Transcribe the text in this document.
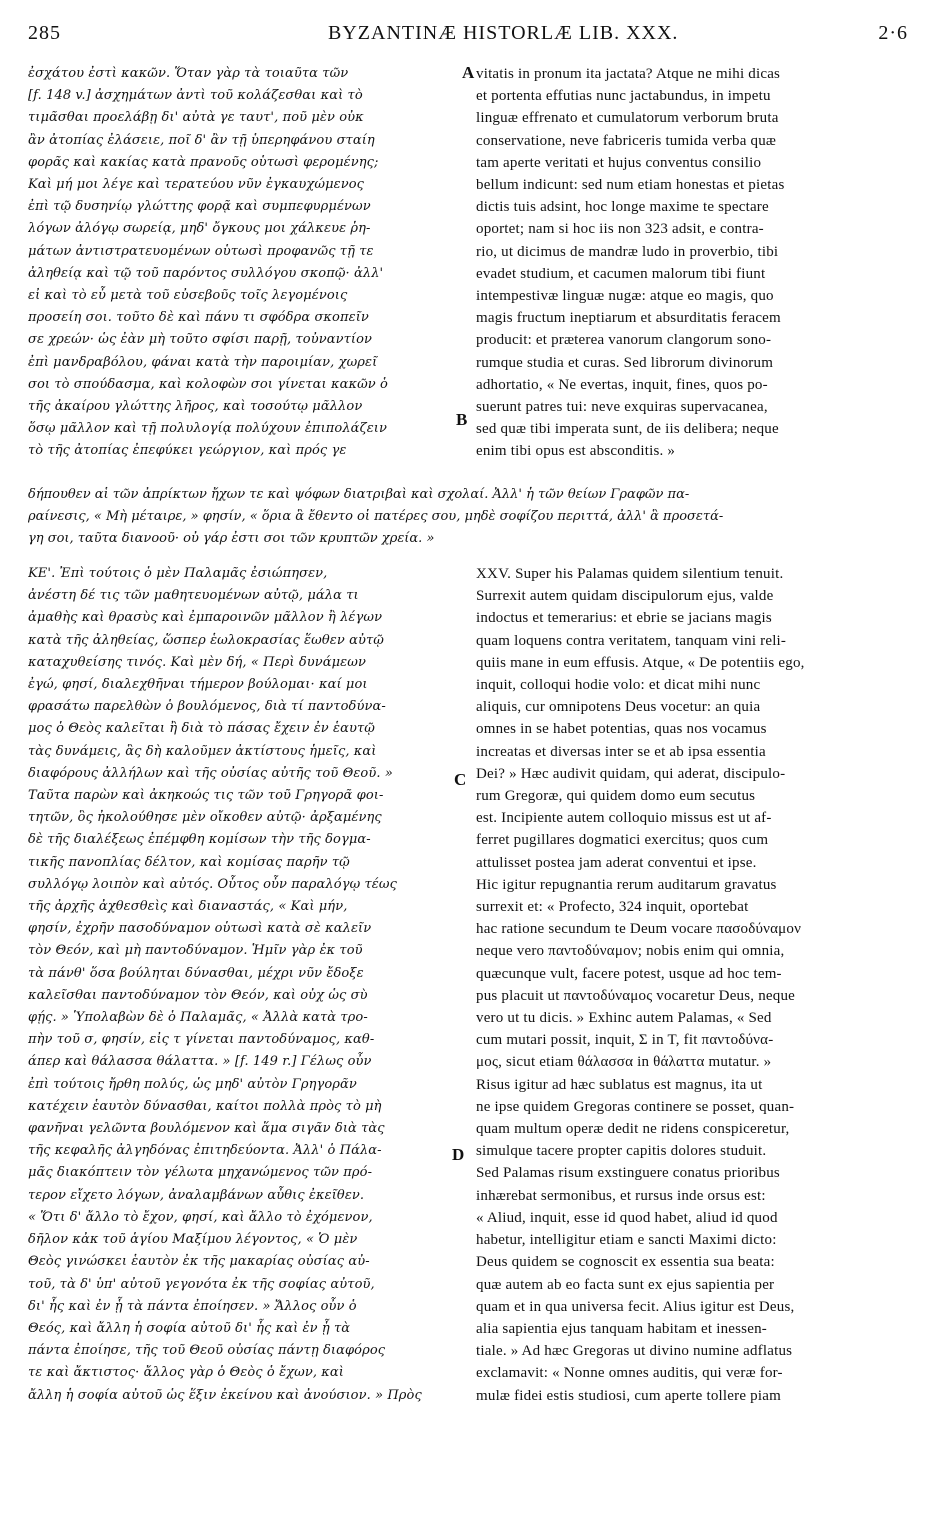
285	BYZANTINÆ HISTORLÆ LIB. XXX.	2·6
ἐσχάτου ἐστὶ κακῶν. Ὅταν γὰρ τὰ τοιαῦτα τῶν
[f. 148 v.] ἀσχημάτων ἀντὶ τοῦ κολάζεσθαι καὶ τὸ
τιμᾶσθαι προελάβῃ δι' αὐτὰ γε ταυτ', ποῦ μὲν οὐκ
ἂν ἀτοπίας ἐλάσειε, ποῖ δ' ἂν τῇ ὑπερηφάνου σταίη
φορᾶς καὶ κακίας κατὰ πρανοῦς οὑτωσὶ φερομένης;
Καὶ μή μοι λέγε καὶ τερατεύου νῦν ἐγκαυχώμενος
ἐπὶ τῷ δυσηνίῳ γλώττης φορᾷ καὶ συμπεφυρμένων
λόγων ἀλόγῳ σωρείᾳ, μηδ' ὄγκους μοι χάλκευε ῥη-
μάτων ἀντιστρατευομένων οὑτωσὶ προφανῶς τῇ τε
ἀληθείᾳ καὶ τῷ τοῦ παρόντος συλλόγου σκοπῷ· ἀλλ'
εἰ καὶ τὸ εὖ μετὰ τοῦ εὐσεβοῦς τοῖς λεγομένοις
προσείη σοι. τοῦτο δὲ καὶ πάνυ τι σφόδρα σκοπεῖν
σε χρεών· ὡς ἐὰν μὴ τοῦτο σφίσι παρῇ, τοὐναντίον
ἐπὶ μανδραβόλου, φάναι κατὰ τὴν παροιμίαν, χωρεῖ
σοι τὸ σπούδασμα, καὶ κολοφὼν σοι γίνεται κακῶν ὁ
τῆς ἀκαίρου γλώττης λῆρος, καὶ τοσούτῳ μᾶλλον
ὅσῳ μᾶλλον καὶ τῇ πολυλογίᾳ πολύχουν ἐπιπολάζειν
τὸ τῆς ἀτοπίας ἐπεφύκει γεώργιον, καὶ πρός γε
vitatis in pronum ita jactata? Atque ne mihi dicas
et portenta effutias nunc jactabundus, in impetu
linguæ effrenato et cumulatorum verborum bruta
conservatione, neve fabriceris tumida verba quæ
tam aperte veritati et hujus conventus consilio
bellum indicunt: sed num etiam honestas et pietas
dictis tuis adsint, hoc longe maxime te spectare
oportet; nam si hoc iis non 323 adsit, e contra-
rio, ut dicimus de mandræ ludo in proverbio, tibi
evadet studium, et cacumen malorum tibi fiunt
intempestivæ linguæ nugæ: atque eo magis, quo
magis fructum ineptiarum et absurditatis feracem
producit: et præterea vanorum clangorum sono-
rumque studia et curas. Sed librorum divinorum
adhortatio, « Ne evertas, inquit, fines, quos po-
suerunt patres tui: neve exquiras supervacanea,
sed quæ tibi imperata sunt, de iis delibera; neque
enim tibi opus est absconditis. »
δήπουθεν αἱ τῶν ἀπρίκτων ἤχων τε καὶ ψόφων διατριβαὶ καὶ σχολαί. Ἀλλ' ἡ τῶν θείων Γραφῶν πα-
ραίνεσις, « Μὴ μέταιρε, » φησίν, « ὅρια ἃ ἔθεντο οἱ πατέρες σου, μηδὲ σοφίζου περιττά, ἀλλ' ἃ προσετά-
γη σοι, ταῦτα διανοοῦ· οὐ γάρ ἐστι σοι τῶν κρυπτῶν χρεία. »
ΚΕ'. Ἐπὶ τούτοις ὁ μὲν Παλαμᾶς ἐσιώπησεν,
ἀνέστη δέ τις τῶν μαθητευομένων αὐτῷ, μάλα τι
ἀμαθὴς καὶ θρασὺς καὶ ἐμπαροινῶν μᾶλλον ἢ λέγων
κατὰ τῆς ἀληθείας, ὥσπερ ἑωλοκρασίας ἕωθεν αὐτῷ
καταχυθείσης τινός. Καὶ μὲν δή, « Περὶ δυνάμεων
ἐγώ, φησί, διαλεχθῆναι τήμερον βούλομαι· καί μοι
φρασάτω παρελθὼν ὁ βουλόμενος, διὰ τί παντοδύνα-
μος ὁ Θεὸς καλεῖται ἢ διὰ τὸ πάσας ἔχειν ἐν ἑαυτῷ
τὰς δυνάμεις, ἃς δὴ καλοῦμεν ἀκτίστους ἡμεῖς, καὶ
διαφόρους ἀλλήλων καὶ τῆς οὐσίας αὐτῆς τοῦ Θεοῦ. »
Ταῦτα παρὼν καὶ ἀκηκοώς τις τῶν τοῦ Γρηγορᾶ φοι-
τητῶν, ὃς ἠκολούθησε μὲν οἴκοθεν αὐτῷ· ἀρξαμένης
δὲ τῆς διαλέξεως ἐπέμφθη κομίσων τὴν τῆς δογμα-
τικῆς πανοπλίας δέλτον, καὶ κομίσας παρῆν τῷ
συλλόγῳ λοιπὸν καὶ αὐτός. Οὗτος οὖν παραλόγῳ τέως
τῆς ἀρχῆς ἀχθεσθεὶς καὶ διαναστάς, « Καὶ μήν,
φησίν, ἐχρῆν πασοδύναμον οὑτωσὶ κατὰ σὲ καλεῖν
τὸν Θεόν, καὶ μὴ παντοδύναμον. Ἡμῖν γὰρ ἐκ τοῦ
τὰ πάνθ' ὅσα βούληται δύνασθαι, μέχρι νῦν ἔδοξε
καλεῖσθαι παντοδύναμον τὸν Θεόν, καὶ οὐχ ὡς σὺ
φῄς. » Ὑπολαβὼν δὲ ὁ Παλαμᾶς, « Ἀλλὰ κατὰ τρο-
πὴν τοῦ σ, φησίν, εἰς τ γίνεται παντοδύναμος, καθ-
άπερ καὶ θάλασσα θάλαττα. » [f. 149 r.] Γέλως οὖν
ἐπὶ τούτοις ἤρθη πολύς, ὡς μηδ' αὐτὸν Γρηγορᾶν
κατέχειν ἑαυτὸν δύνασθαι, καίτοι πολλὰ πρὸς τὸ μὴ
φανῆναι γελῶντα βουλόμενον καὶ ἅμα σιγᾶν διὰ τὰς
τῆς κεφαλῆς ἀλγηδόνας ἐπιτηδεύοντα. Ἀλλ' ὁ Πάλα-
μᾶς διακόπτειν τὸν γέλωτα μηχανώμενος τῶν πρό-
τερον εἴχετο λόγων, ἀναλαμβάνων αὖθις ἐκεῖθεν.
« Ὅτι δ' ἄλλο τὸ ἔχον, φησί, καὶ ἄλλο τὸ ἐχόμενον,
δῆλον κἀκ τοῦ ἁγίου Μαξίμου λέγοντος, « Ὁ μὲν
Θεὸς γινώσκει ἑαυτὸν ἐκ τῆς μακαρίας οὐσίας αὐ-
τοῦ, τὰ δ' ὑπ' αὐτοῦ γεγονότα ἐκ τῆς σοφίας αὐτοῦ,
δι' ἧς καὶ ἐν ᾗ τὰ πάντα ἐποίησεν. » Ἄλλος οὖν ὁ
Θεός, καὶ ἄλλη ἡ σοφία αὐτοῦ δι' ἧς καὶ ἐν ᾗ τὰ
πάντα ἐποίησε, τῆς τοῦ Θεοῦ οὐσίας πάντῃ διαφόρος
τε καὶ ἄκτιστος· ἄλλος γὰρ ὁ Θεὸς ὁ ἔχων, καὶ
ἄλλη ἡ σοφία αὐτοῦ ὡς ἕξιν ἐκείνου καὶ ἀνούσιον. » Πρὸς
XXV. Super his Palamas quidem silentium tenuit.
Surrexit autem quidam discipulorum ejus, valde
indoctus et temerarius: et ebrie se jacians magis
quam loquens contra veritatem, tanquam vini reli-
quiis mane in eum effusis. Atque, « De potentiis ego,
inquit, colloqui hodie volo: et dicat mihi nunc
aliquis, cur omnipotens Deus vocetur: an quia
omnes in se habet potentias, quas nos vocamus
increatas et diversas inter se et ab ipsa essentia
Dei? » Hæc audivit quidam, qui aderat, discipulo-
rum Gregoræ, qui quidem domo eum secutus
est. Incipiente autem colloquio missus est ut af-
ferret pugillares dogmatici exercitus; quos cum
attulisset postea jam aderat conventui et ipse.
Hic igitur repugnantia rerum auditarum gravatus
surrexit et: « Profecto, 324 inquit, oportebat
hac ratione secundum te Deum vocare πασοδύναμον
neque vero παντοδύναμον; nobis enim qui omnia,
quæcunque vult, facere potest, usque ad hoc tem-
pus placuit ut παντοδύναμος vocaretur Deus, neque
vero ut tu dicis. » Exhinc autem Palamas, « Sed
cum mutari possit, inquit, Σ in T, fit παντοδύνα-
μος, sicut etiam θάλασσα in θάλαττα mutatur. »
Risus igitur ad hæc sublatus est magnus, ita ut
ne ipse quidem Gregoras continere se posset, quan-
quam multum operæ dedit ne ridens conspiceretur,
simulque tacere propter capitis dolores studuit.
Sed Palamas risum exstinguere conatus prioribus
inhærebat sermonibus, et rursus inde orsus est:
« Aliud, inquit, esse id quod habet, aliud id quod
habetur, intelligitur etiam e sancti Maximi dicto:
Deus quidem se cognoscit ex essentia sua beata:
quæ autem ab eo facta sunt ex ejus sapientia per
quam et in qua universa fecit. Alius igitur est Deus,
alia sapientia ejus tanquam habitam et inessen-
tiale. » Ad hæc Gregoras ut divino numine adflatus
exclamavit: « Nonne omnes auditis, qui veræ for-
mulæ fidei estis studiosi, cum aperte tollere piam
A
B
C
D
